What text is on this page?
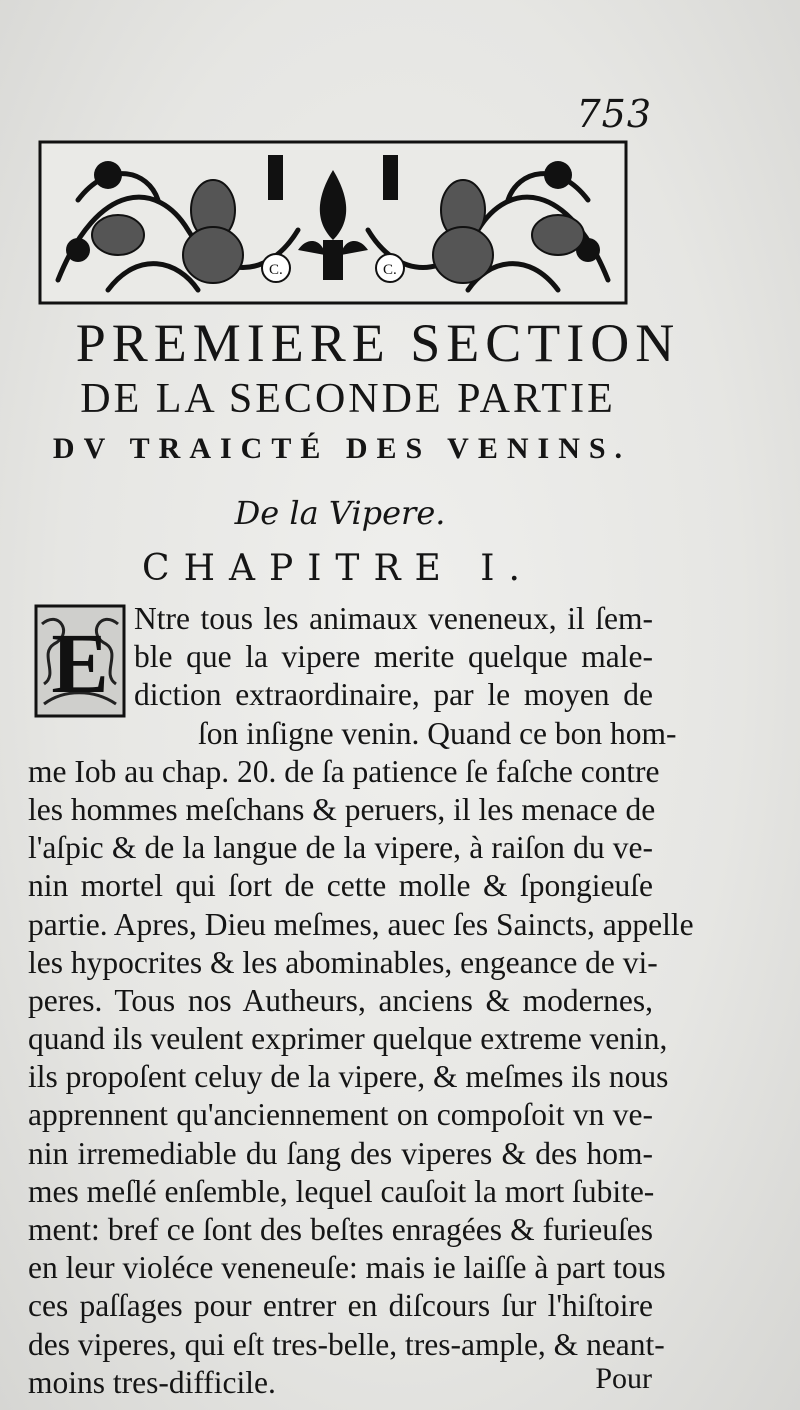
753
C.	C.
PREMIERE SECTION
DE LA SECONDE PARTIE
DV TRAICTÉ DES VENINS.
De la Vipere.
CHAPITRE I.
E Ntre tous les animaux veneneux, il ſem-
ble que la vipere merite quelque male-
diction extraordinaire, par le moyen de
ſon inſigne venin. Quand ce bon hom-
me Iob au chap. 20. de ſa patience ſe faſche contre
les hommes meſchans & peruers, il les menace de
l'aſpic & de la langue de la vipere, à raiſon du ve-
nin mortel qui ſort de cette molle & ſpongieuſe
partie. Apres, Dieu meſmes, auec ſes Saincts, appelle
les hypocrites & les abominables, engeance de vi-
peres. Tous nos Autheurs, anciens & modernes,
quand ils veulent exprimer quelque extreme venin,
ils propoſent celuy de la vipere, & meſmes ils nous
apprennent qu'anciennement on compoſoit vn ve-
nin irremediable du ſang des viperes & des hom-
mes meſlé enſemble, lequel cauſoit la mort ſubite-
ment: bref ce ſont des beſtes enragées & furieuſes
en leur violéce veneneuſe: mais ie laiſſe à part tous
ces paſſages pour entrer en diſcours ſur l'hiſtoire
des viperes, qui eſt tres-belle, tres-ample, & neant-
moins tres-difficile.	Pour
